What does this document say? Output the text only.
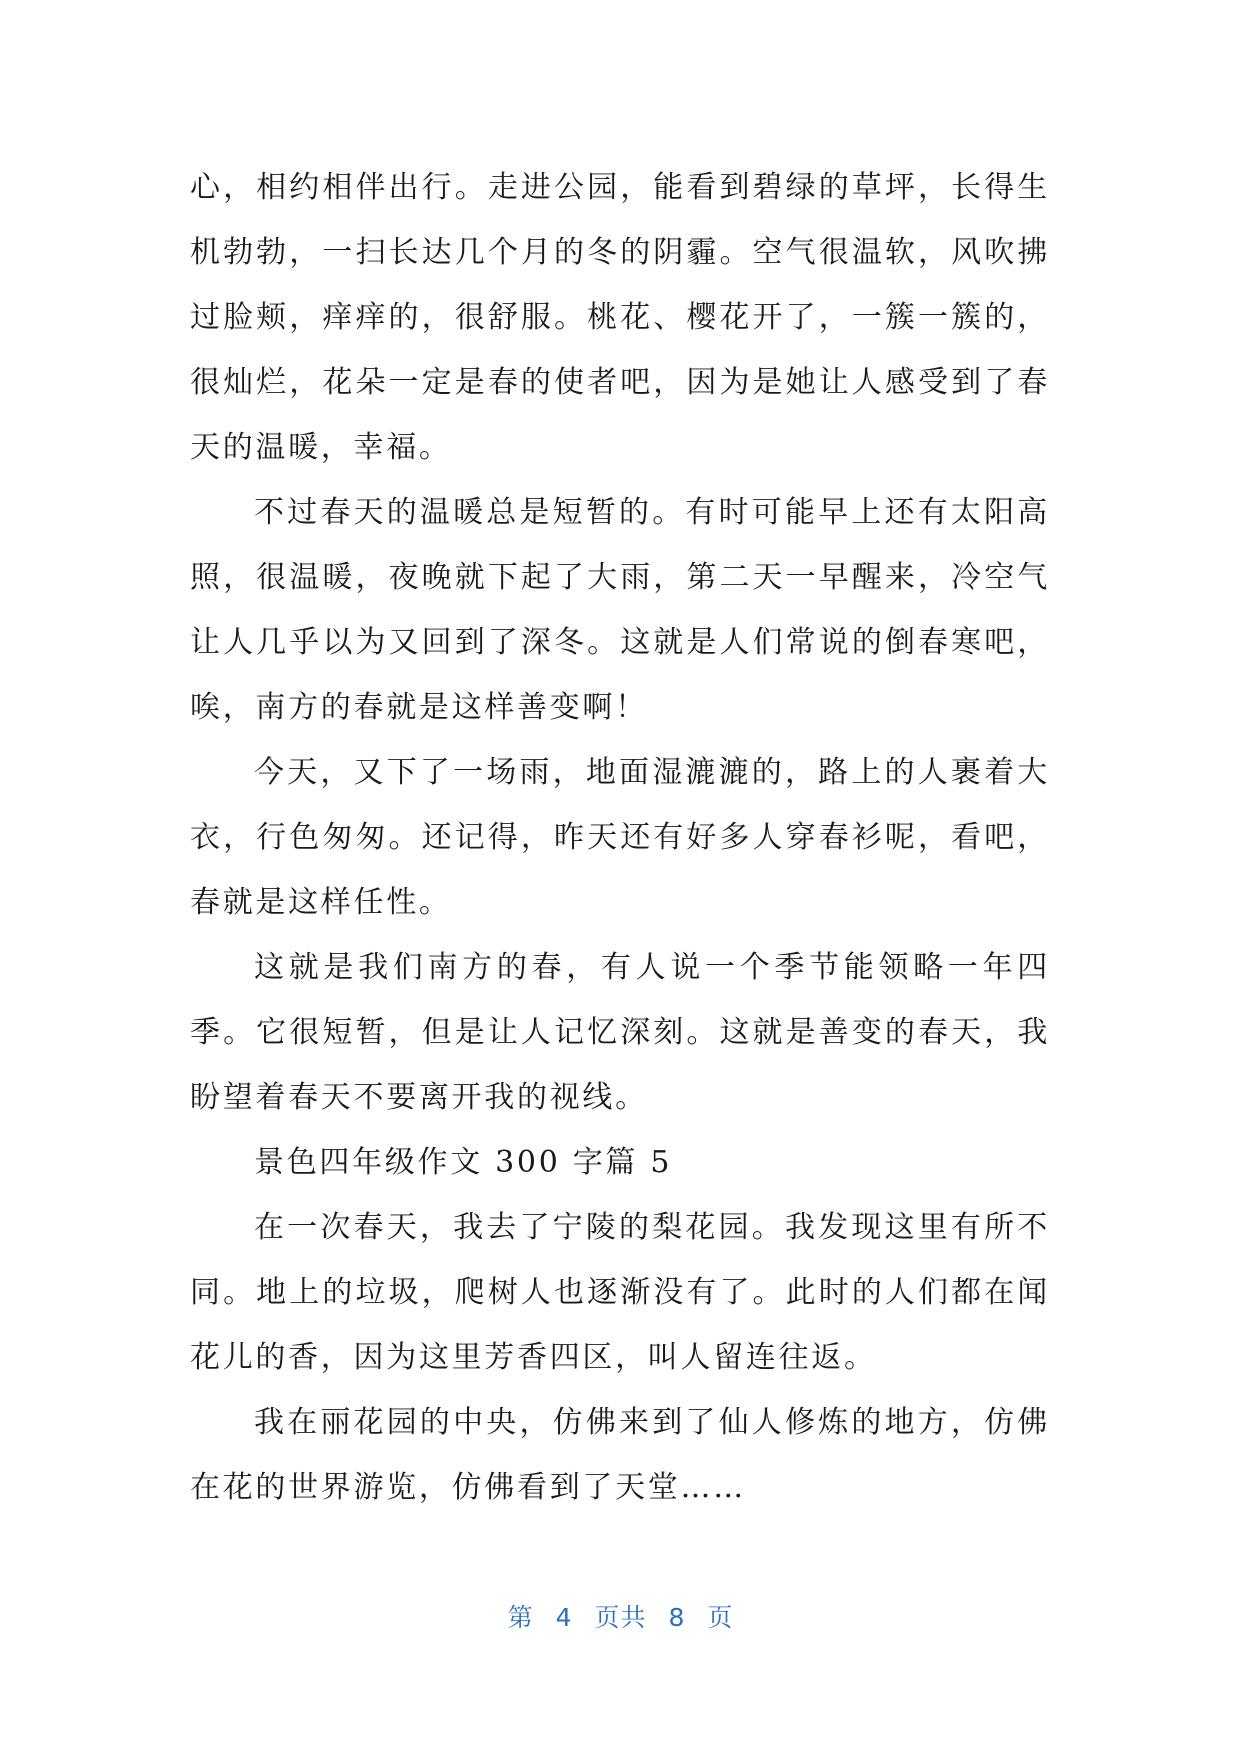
心，相约相伴出行。走进公园，能看到碧绿的草坪，长得生机勃勃，一扫长达几个月的冬的阴霾。空气很温软，风吹拂过脸颊，痒痒的，很舒服。桃花、樱花开了，一簇一簇的，很灿烂，花朵一定是春的使者吧，因为是她让人感受到了春天的温暖，幸福。

不过春天的温暖总是短暂的。有时可能早上还有太阳高照，很温暖，夜晚就下起了大雨，第二天一早醒来，冷空气让人几乎以为又回到了深冬。这就是人们常说的倒春寒吧，唉，南方的春就是这样善变啊！

今天，又下了一场雨，地面湿漉漉的，路上的人裹着大衣，行色匆匆。还记得，昨天还有好多人穿春衫呢，看吧，春就是这样任性。

这就是我们南方的春，有人说一个季节能领略一年四季。它很短暂，但是让人记忆深刻。这就是善变的春天，我盼望着春天不要离开我的视线。

景色四年级作文 300 字篇 5

在一次春天，我去了宁陵的梨花园。我发现这里有所不同。地上的垃圾，爬树人也逐渐没有了。此时的人们都在闻花儿的香，因为这里芳香四区，叫人留连往返。

我在丽花园的中央，仿佛来到了仙人修炼的地方，仿佛在花的世界游览，仿佛看到了天堂……

第 4 页共 8 页
